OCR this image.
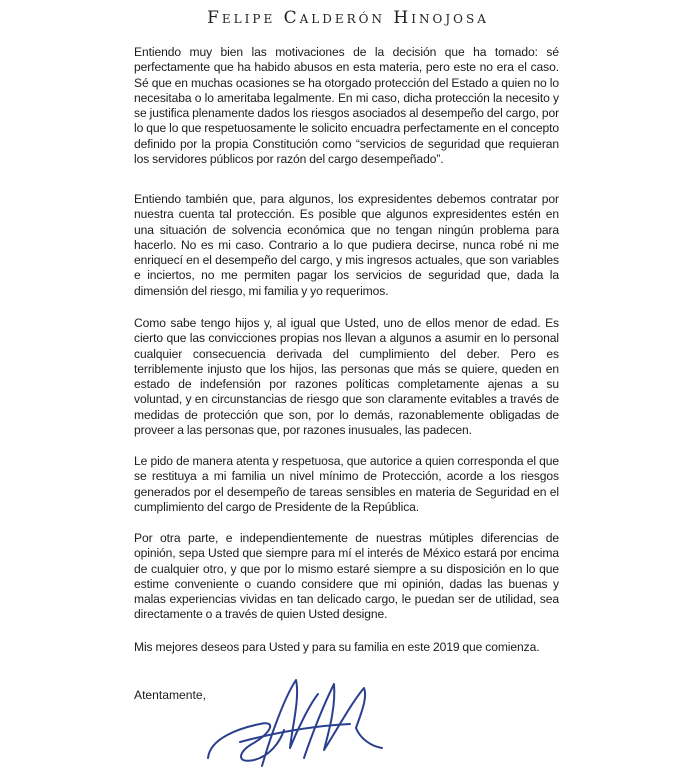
Felipe Calderón Hinojosa
Entiendo muy bien las motivaciones de la decisión que ha tomado: sé perfectamente que ha habido abusos en esta materia, pero este no era el caso. Sé que en muchas ocasiones se ha otorgado protección del Estado a quien no lo necesitaba o lo ameritaba legalmente. En mi caso, dicha protección la necesito y se justifica plenamente dados los riesgos asociados al desempeño del cargo, por lo que lo que respetuosamente le solicito encuadra perfectamente en el concepto definido por la propia Constitución como “servicios de seguridad que requieran los servidores públicos por razón del cargo desempeñado”.
Entiendo también que, para algunos, los expresidentes debemos contratar por nuestra cuenta tal protección. Es posible que algunos expresidentes estén en una situación de solvencia económica que no tengan ningún problema para hacerlo. No es mi caso. Contrario a lo que pudiera decirse, nunca robé ni me enriquecí en el desempeño del cargo, y mis ingresos actuales, que son variables e inciertos, no me permiten pagar los servicios de seguridad que, dada la dimensión del riesgo, mi familia y yo requerimos.
Como sabe tengo hijos y, al igual que Usted, uno de ellos menor de edad. Es cierto que las convicciones propias nos llevan a algunos a asumir en lo personal cualquier consecuencia derivada del cumplimiento del deber. Pero es terriblemente injusto que los hijos, las personas que más se quiere, queden en estado de indefensión por razones políticas completamente ajenas a su voluntad, y en circunstancias de riesgo que son claramente evitables a través de medidas de protección que son, por lo demás, razonablemente obligadas de proveer a las personas que, por razones inusuales, las padecen.
Le pido de manera atenta y respetuosa, que autorice a quien corresponda el que se restituya a mi familia un nivel mínimo de Protección, acorde a los riesgos generados por el desempeño de tareas sensibles en materia de Seguridad en el cumplimiento del cargo de Presidente de la República.
Por otra parte, e independientemente de nuestras mútiples diferencias de opinión, sepa Usted que siempre para mí el interés de México estará por encima de cualquier otro, y que por lo mismo estaré siempre a su disposición en lo que estime conveniente o cuando considere que mi opinión, dadas las buenas y malas experiencias vividas en tan delicado cargo, le puedan ser de utilidad, sea directamente o a través de quien Usted designe.
Mis mejores deseos para Usted y para su familia en este 2019 que comienza.
Atentamente,
